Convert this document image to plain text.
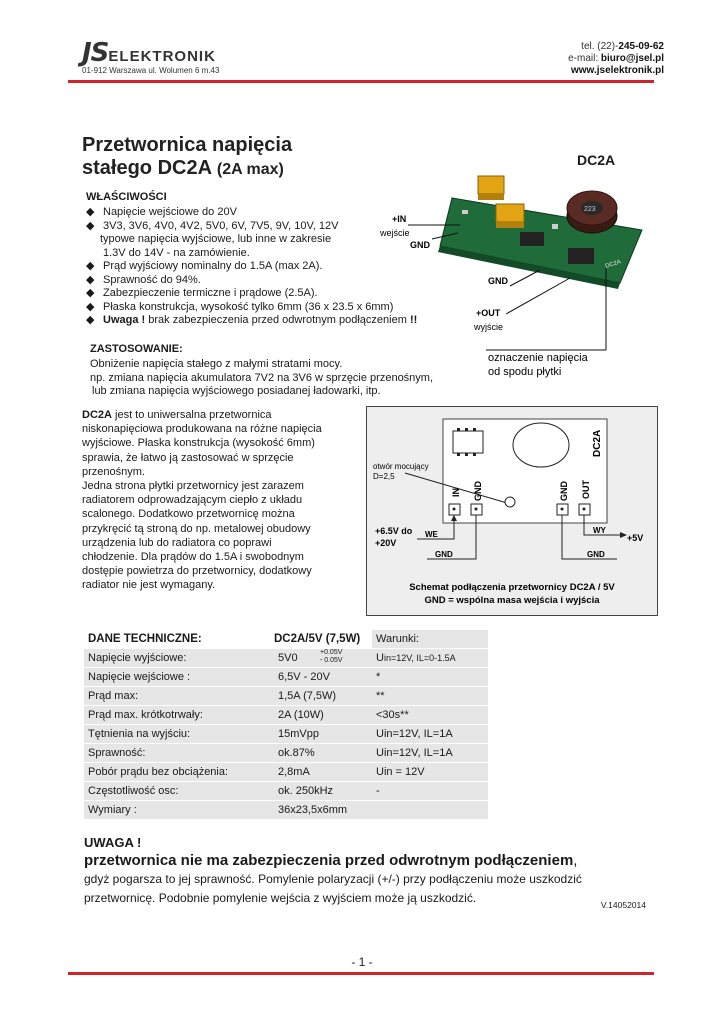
JSELEKTRONIK
01-912 Warszawa ul. Wolumen 6 m.43
tel. (22)-245-09-62
e-mail: biuro@jsel.pl
www.jselektronik.pl
Przetwornica napięcia
stałego DC2A (2A max)
DC2A
WŁAŚCIWOŚCI
◆ Napięcie wejściowe do 20V
◆ 3V3, 3V6, 4V0, 4V2, 5V0, 6V, 7V5, 9V, 10V, 12V
typowe napięcia wyjściowe, lub inne w zakresie
1.3V do 14V - na zamówienie.
◆ Prąd wyjściowy nominalny do 1.5A (max 2A).
◆ Sprawność do 94%.
◆ Zabezpieczenie termiczne i prądowe (2.5A).
◆ Płaska konstrukcja, wysokość tylko 6mm (36 x 23.5 x 6mm)
◆ Uwaga ! brak zabezpieczenia przed odwrotnym podłączeniem !!
223
DC2A
+IN
wejście
GND
GND
+OUT
wyjście
oznaczenie napięcia
od spodu płytki
ZASTOSOWANIE:
Obniżenie napięcia stałego z małymi stratami mocy.
np. zmiana napięcia akumulatora 7V2 na 3V6 w sprzęcie przenośnym,
lub zmiana napięcia wyjściowego posiadanej ładowarki, itp.
DC2A jest to uniwersalna przetwornica
niskonapięciowa produkowana na różne napięcia
wyjściowe. Płaska konstrukcja (wysokość 6mm)
sprawia, że łatwo ją zastosować w sprzęcie
przenośnym.
Jedna strona płytki przetwornicy jest zarazem
radiatorem odprowadzającym ciepło z układu
scalonego. Dodatkowo przetwornicę można
przykręcić tą stroną do np. metalowej obudowy
urządzenia lub do radiatora co poprawi
chłodzenie. Dla prądów do 1.5A i swobodnym
dostępie powietrza do przetwornicy, dodatkowy
radiator nie jest wymagany.
DC2A
otwór mocujący
D=2,5
IN GND	GND OUT
+6.5V do
+20V
WE	WY
+5V
GND	GND
Schemat podłączenia przetwornicy DC2A / 5V
GND = wspólna masa wejścia i wyjścia
DANE TECHNICZNE:	DC2A/5V (7,5W)	Warunki:
Napięcie wyjściowe:	5V0 +0.05V
- 0.05V	Uin=12V, IL=0-1.5A
Napięcie wejściowe :	6,5V - 20V	*
Prąd max:	1,5A (7,5W)	**
Prąd max. krótkotrwały:	2A (10W)	<30s**
Tętnienia na wyjściu:	15mVpp	Uin=12V, IL=1A
Sprawność:	ok.87%	Uin=12V, IL=1A
Pobór prądu bez obciążenia:	2,8mA	Uin = 12V
Częstotliwość osc:	ok. 250kHz	-
Wymiary :	36x23,5x6mm	
UWAGA !
przetwornica nie ma zabezpieczenia przed odwrotnym podłączeniem,
gdyż pogarsza to jej sprawność. Pomylenie polaryzacji (+/-) przy podłączeniu może uszkodzić
przetwornicę. Podobnie pomylenie wejścia z wyjściem może ją uszkodzić.	V.14052014
- 1 -
